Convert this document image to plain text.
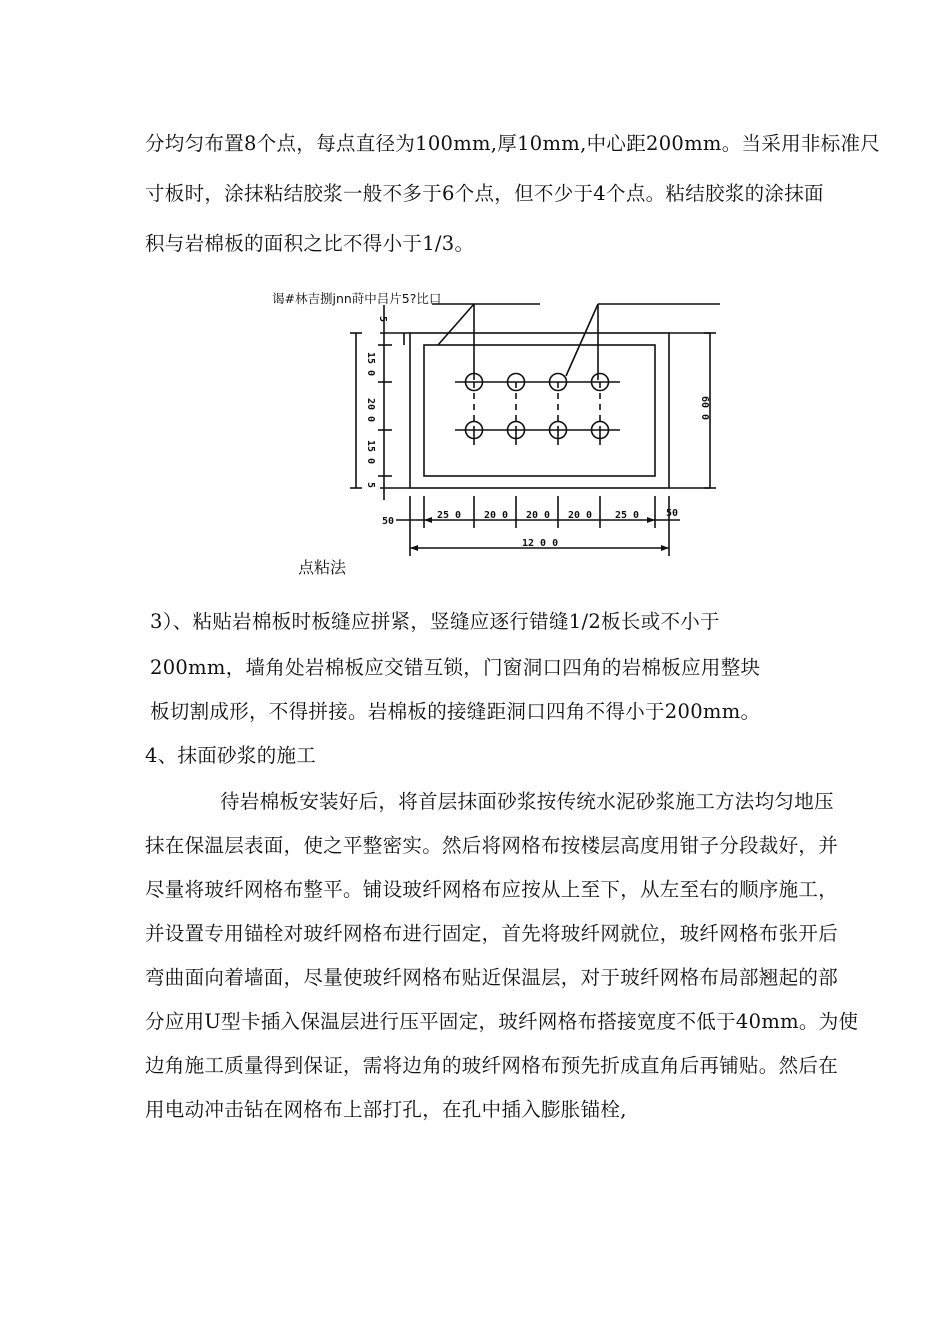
分均匀布置8个点，每点直径为100mm,厚10mm,中心距200mm。当采用非标准尺
寸板时，涂抹粘结胶浆一般不多于6个点，但不少于4个点。粘结胶浆的涂抹面
积与岩棉板的面积之比不得小于1/3。
谒#林吉捌jnn莳中吕片5?比口
5
15 0
20 0
15 0
5
60 0
50
25 0 20 0 20 0 20 0 25 0	50
12 0 0
点粘法
3）、粘贴岩棉板时板缝应拼紧，竖缝应逐行错缝1/2板长或不小于
200mm，墙角处岩棉板应交错互锁，门窗洞口四角的岩棉板应用整块
板切割成形，不得拼接。岩棉板的接缝距洞口四角不得小于200mm。
4、抹面砂浆的施工
待岩棉板安装好后，将首层抹面砂浆按传统水泥砂浆施工方法均匀地压
抹在保温层表面，使之平整密实。然后将网格布按楼层高度用钳子分段裁好，并
尽量将玻纤网格布整平。铺设玻纤网格布应按从上至下，从左至右的顺序施工，
并设置专用锚栓对玻纤网格布进行固定，首先将玻纤网就位，玻纤网格布张开后
弯曲面向着墙面，尽量使玻纤网格布贴近保温层，对于玻纤网格布局部翘起的部
分应用U型卡插入保温层进行压平固定，玻纤网格布搭接宽度不低于40mm。为使
边角施工质量得到保证，需将边角的玻纤网格布预先折成直角后再铺贴。然后在
用电动冲击钻在网格布上部打孔，在孔中插入膨胀锚栓,
